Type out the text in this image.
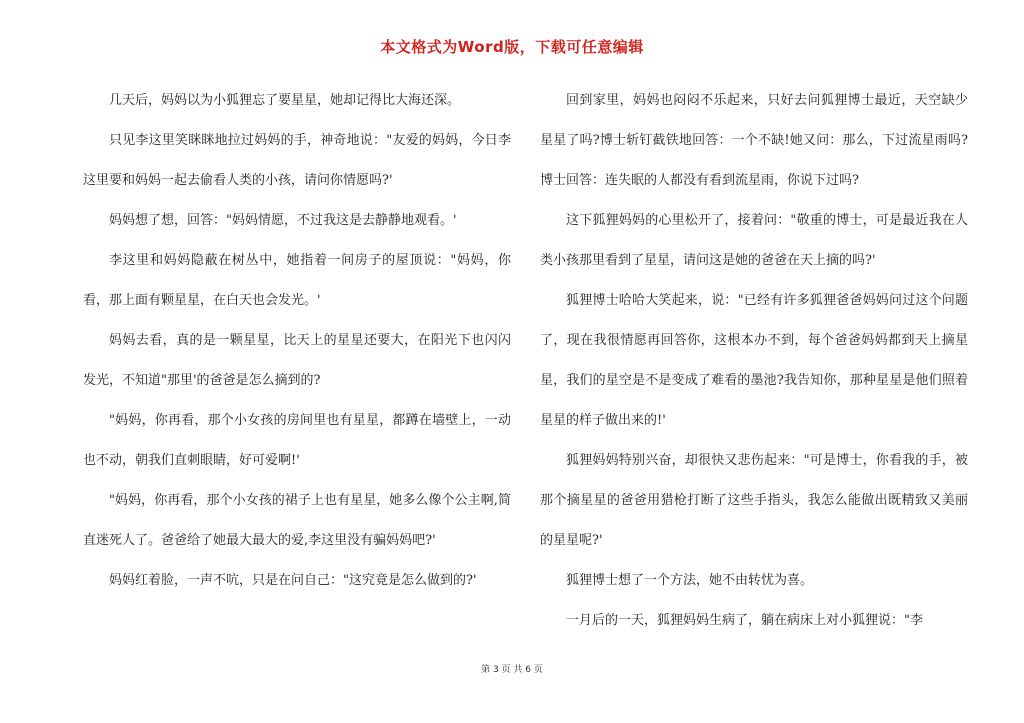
本文格式为Word版，下载可任意编辑

几天后，妈妈以为小狐狸忘了要星星，她却记得比大海还深。

只见李这里笑眯眯地拉过妈妈的手，神奇地说："友爱的妈妈，今日李这里要和妈妈一起去偷看人类的小孩，请问你情愿吗?'

妈妈想了想，回答："妈妈情愿，不过我这是去静静地观看。'

李这里和妈妈隐蔽在树丛中，她指着一间房子的屋顶说："妈妈，你看，那上面有颗星星，在白天也会发光。'

妈妈去看，真的是一颗星星，比天上的星星还要大，在阳光下也闪闪发光，不知道"那里'的爸爸是怎么摘到的?

"妈妈，你再看，那个小女孩的房间里也有星星，都蹲在墙壁上，一动也不动，朝我们直刺眼睛，好可爱啊!'

"妈妈，你再看，那个小女孩的裙子上也有星星，她多么像个公主啊,简直迷死人了。爸爸给了她最大最大的爱,李这里没有骗妈妈吧?'

妈妈红着脸，一声不吭，只是在问自己："这究竟是怎么做到的?'

回到家里，妈妈也闷闷不乐起来，只好去问狐狸博士最近，天空缺少星星了吗?博士斩钉截铁地回答：一个不缺!她又问：那么，下过流星雨吗?博士回答：连失眠的人都没有看到流星雨，你说下过吗?

这下狐狸妈妈的心里松开了，接着问："敬重的博士，可是最近我在人类小孩那里看到了星星，请问这是她的爸爸在天上摘的吗?'

狐狸博士哈哈大笑起来，说："已经有许多狐狸爸爸妈妈问过这个问题了，现在我很情愿再回答你，这根本办不到，每个爸爸妈妈都到天上摘星星，我们的星空是不是变成了难看的墨池?我告知你，那种星星是他们照着星星的样子做出来的!'

狐狸妈妈特别兴奋，却很快又悲伤起来："可是博士，你看我的手，被那个摘星星的爸爸用猎枪打断了这些手指头，我怎么能做出既精致又美丽的星星呢?'

狐狸博士想了一个方法，她不由转忧为喜。

一月后的一天，狐狸妈妈生病了，躺在病床上对小狐狸说："李

第 3 页 共 6 页
